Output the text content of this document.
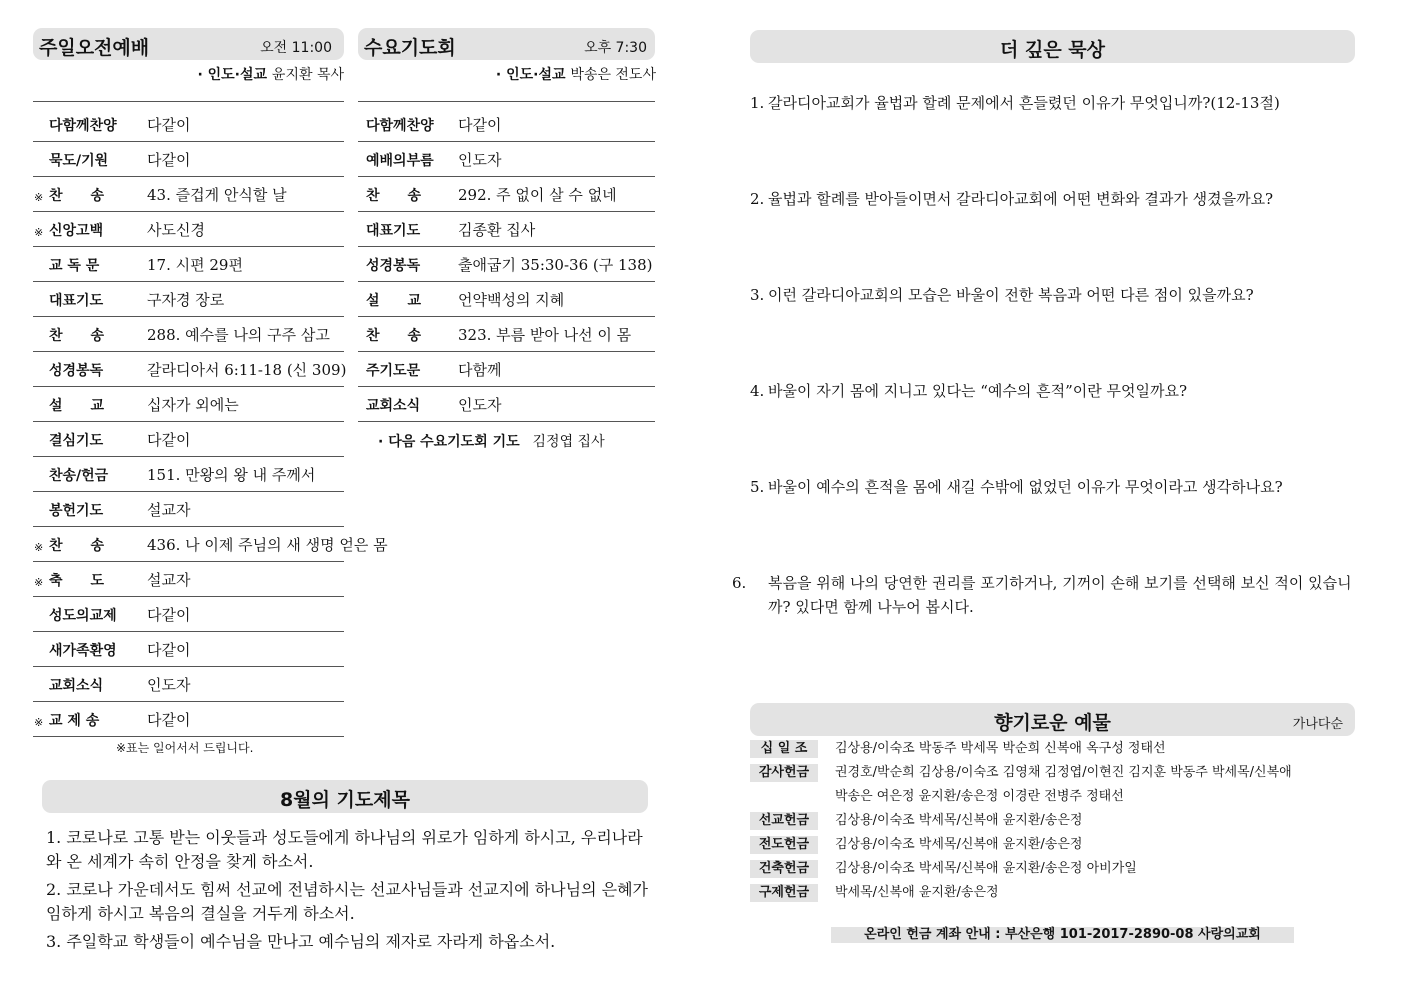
주일오전예배	오전 11:00
· 인도·설교 윤지환 목사
다함께찬양 다같이
묵도/기원	다같이
※ 찬　　송	43. 즐겁게 안식할 날
※ 신앙고백	사도신경
교 독 문	17. 시편 29편
대표기도	구자경 장로
찬　　송	288. 예수를 나의 구주 삼고
성경봉독	갈라디아서 6:11-18 (신 309)
설　　교	십자가 외에는
결심기도	다같이
찬송/헌금	151. 만왕의 왕 내 주께서
봉헌기도	설교자
※ 찬　　송	436. 나 이제 주님의 새 생명 얻은 몸
※ 축　　도	설교자
성도의교제 다같이
새가족환영 다같이
교회소식	인도자
※ 교 제 송	다같이
※표는 일어서서 드립니다.
수요기도회	오후 7:30
· 인도·설교 박송은 전도사
다함께찬양 다같이
예배의부름 인도자
찬　　송 292. 주 없이 살 수 없네
대표기도	김종환 집사
성경봉독	출애굽기 35:30-36 (구 138)
설　　교 언약백성의 지혜
찬　　송 323. 부름 받아 나선 이 몸
주기도문	다함께
교회소식	인도자
· 다음 수요기도회 기도 김정엽 집사
8월의 기도제목
1. 코로나로 고통 받는 이웃들과 성도들에게 하나님의 위로가 임하게 하시고, 우리나라와 온 세계가 속히 안정을 찾게 하소서.
2. 코로나 가운데서도 힘써 선교에 전념하시는 선교사님들과 선교지에 하나님의 은혜가 임하게 하시고 복음의 결실을 거두게 하소서.
3. 주일학교 학생들이 예수님을 만나고 예수님의 제자로 자라게 하옵소서.
더 깊은 묵상
1. 갈라디아교회가 율법과 할례 문제에서 흔들렸던 이유가 무엇입니까?(12-13절)
2. 율법과 할례를 받아들이면서 갈라디아교회에 어떤 변화와 결과가 생겼을까요?
3. 이런 갈라디아교회의 모습은 바울이 전한 복음과 어떤 다른 점이 있을까요?
4. 바울이 자기 몸에 지니고 있다는 “예수의 흔적”이란 무엇일까요?
5. 바울이 예수의 흔적을 몸에 새길 수밖에 없었던 이유가 무엇이라고 생각하나요?
6. 복음을 위해 나의 당연한 권리를 포기하거나, 기꺼이 손해 보기를 선택해 보신 적이 있습니까? 있다면 함께 나누어 봅시다.
향기로운 예물	가나다순
십 일 조	김상용/이숙조 박동주 박세목 박순희 신복애 옥구성 정태선
감사헌금	권경호/박순희 김상용/이숙조 김영채 김정엽/이현진 김지훈 박동주 박세목/신복애
박송은 여은정 윤지환/송은정 이경란 전병주 정태선
선교헌금	김상용/이숙조 박세목/신복애 윤지환/송은정
전도헌금	김상용/이숙조 박세목/신복애 윤지환/송은정
건축헌금	김상용/이숙조 박세목/신복애 윤지환/송은정 아비가일
구제헌금	박세목/신복애 윤지환/송은정
온라인 헌금 계좌 안내 : 부산은행 101-2017-2890-08 사랑의교회
